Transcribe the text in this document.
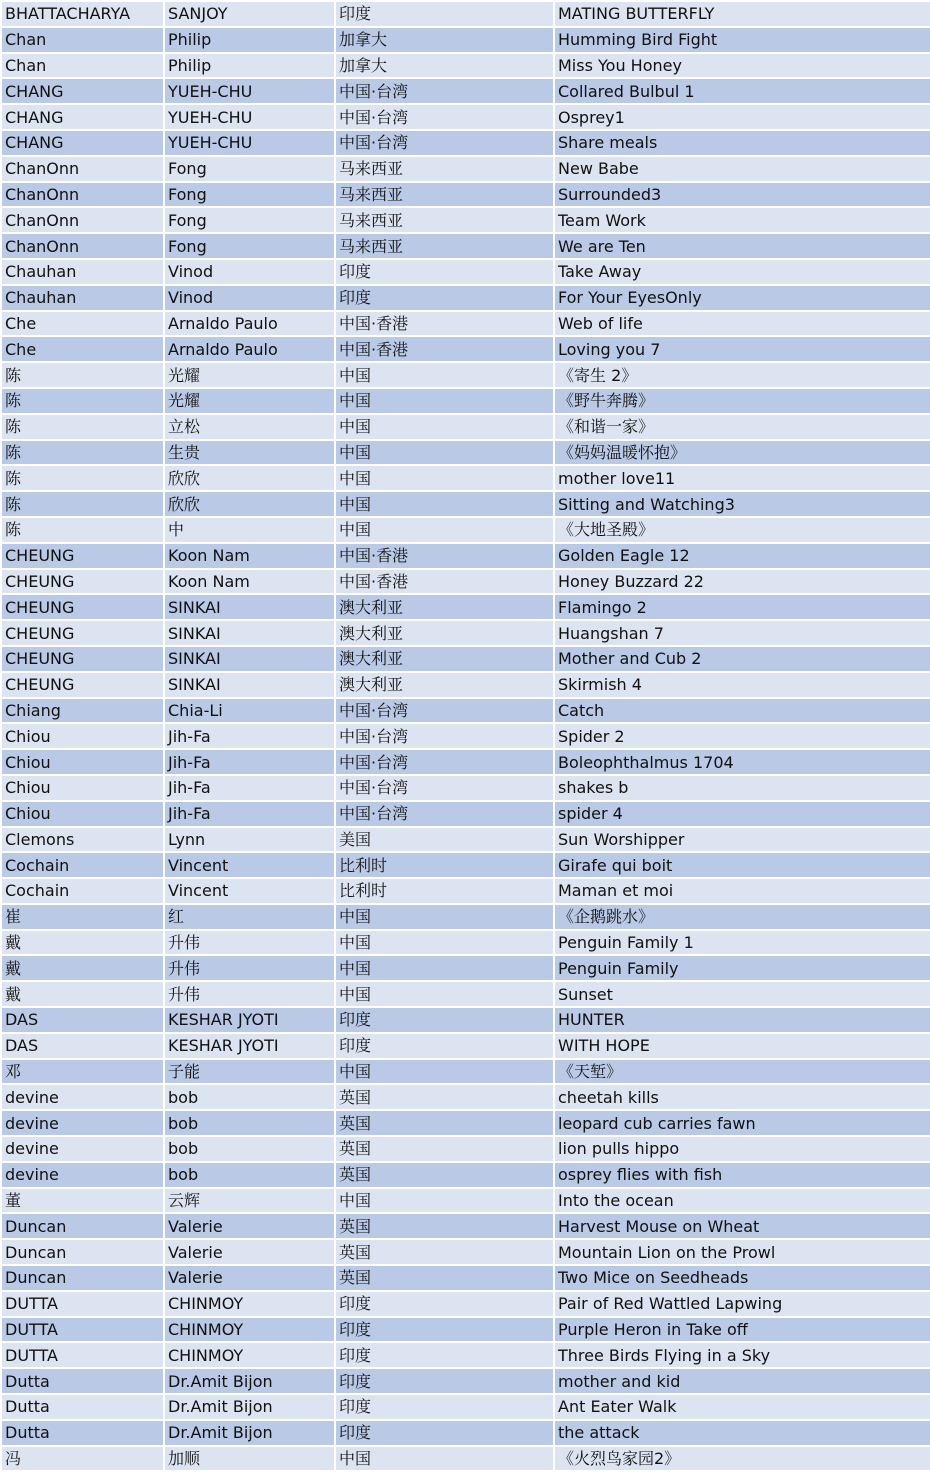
BHATTACHARYA	SANJOY	印度	MATING BUTTERFLY
Chan	Philip	加拿大	Humming Bird Fight
Chan	Philip	加拿大	Miss You Honey
CHANG	YUEH-CHU	中国·台湾	Collared Bulbul 1
CHANG	YUEH-CHU	中国·台湾	Osprey1
CHANG	YUEH-CHU	中国·台湾	Share meals
ChanOnn	Fong	马来西亚	New Babe
ChanOnn	Fong	马来西亚	Surrounded3
ChanOnn	Fong	马来西亚	Team Work
ChanOnn	Fong	马来西亚	We are Ten
Chauhan	Vinod	印度	Take Away
Chauhan	Vinod	印度	For Your EyesOnly
Che	Arnaldo Paulo	中国·香港	Web of life
Che	Arnaldo Paulo	中国·香港	Loving you 7
陈	光耀	中国	《寄生 2》
陈	光耀	中国	《野牛奔腾》
陈	立松	中国	《和谐一家》
陈	生贵	中国	《妈妈温暖怀抱》
陈	欣欣	中国	mother love11
陈	欣欣	中国	Sitting and Watching3
陈	中	中国	《大地圣殿》
CHEUNG	Koon Nam	中国·香港	Golden Eagle 12
CHEUNG	Koon Nam	中国·香港	Honey Buzzard 22
CHEUNG	SINKAI	澳大利亚	Flamingo 2
CHEUNG	SINKAI	澳大利亚	Huangshan 7
CHEUNG	SINKAI	澳大利亚	Mother and Cub 2
CHEUNG	SINKAI	澳大利亚	Skirmish 4
Chiang	Chia-Li	中国·台湾	Catch
Chiou	Jih-Fa	中国·台湾	Spider 2
Chiou	Jih-Fa	中国·台湾	Boleophthalmus 1704
Chiou	Jih-Fa	中国·台湾	shakes b
Chiou	Jih-Fa	中国·台湾	spider 4
Clemons	Lynn	美国	Sun Worshipper
Cochain	Vincent	比利时	Girafe qui boit
Cochain	Vincent	比利时	Maman et moi
崔	红	中国	《企鹅跳水》
戴	升伟	中国	Penguin Family 1
戴	升伟	中国	Penguin Family
戴	升伟	中国	Sunset
DAS	KESHAR JYOTI	印度	HUNTER
DAS	KESHAR JYOTI	印度	WITH HOPE
邓	子能	中国	《天堑》
devine	bob	英国	cheetah kills
devine	bob	英国	leopard cub carries fawn
devine	bob	英国	lion pulls hippo
devine	bob	英国	osprey flies with fish
董	云辉	中国	Into the ocean
Duncan	Valerie	英国	Harvest Mouse on Wheat
Duncan	Valerie	英国	Mountain Lion on the Prowl
Duncan	Valerie	英国	Two Mice on Seedheads
DUTTA	CHINMOY	印度	Pair of Red Wattled Lapwing
DUTTA	CHINMOY	印度	Purple Heron in Take off
DUTTA	CHINMOY	印度	Three Birds Flying in a Sky
Dutta	Dr.Amit Bijon	印度	mother and kid
Dutta	Dr.Amit Bijon	印度	Ant Eater Walk
Dutta	Dr.Amit Bijon	印度	the attack
冯	加顺	中国	《火烈鸟家园2》
